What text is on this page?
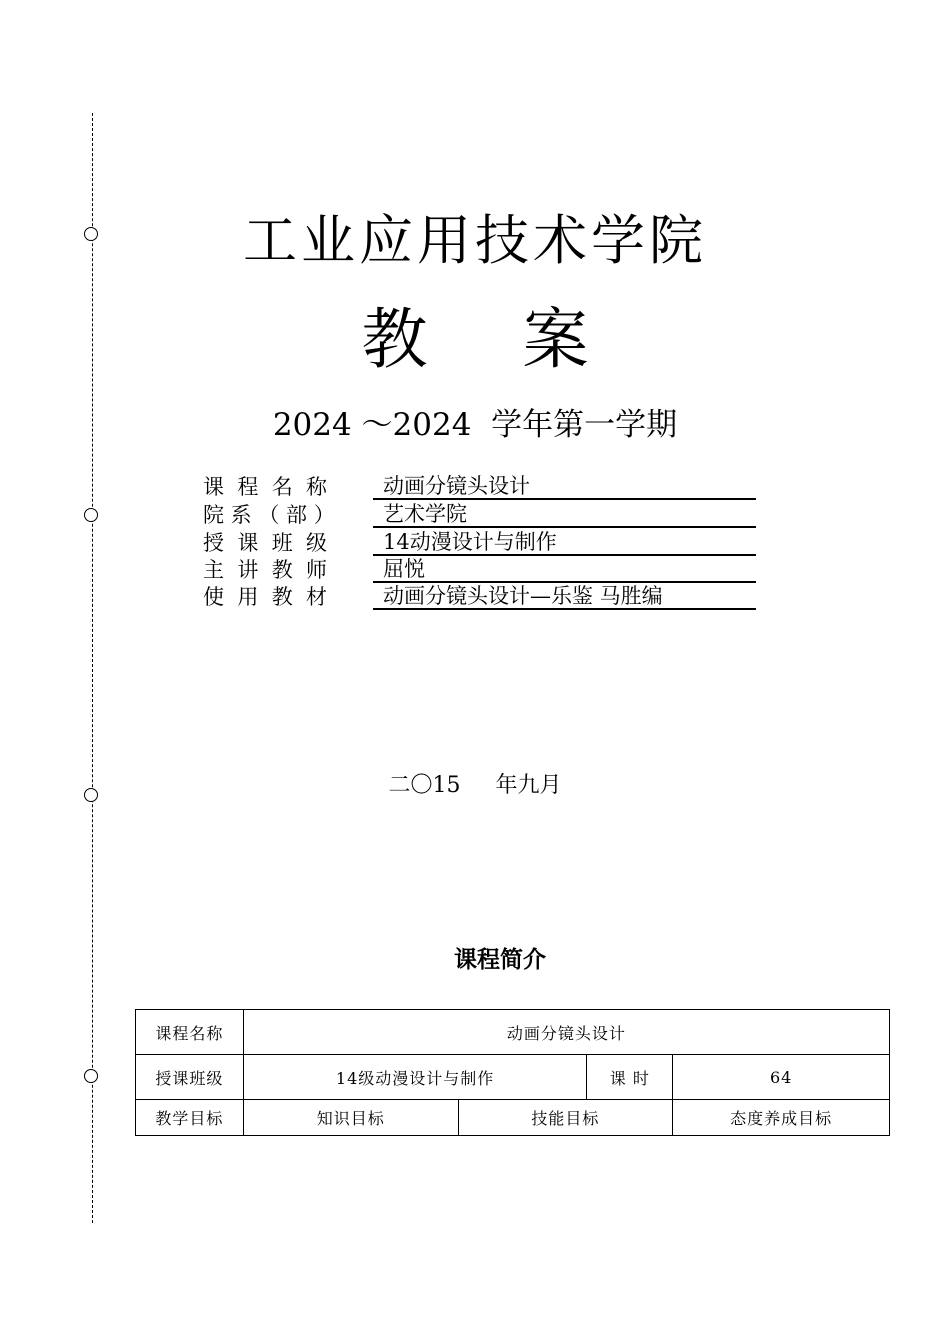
工业应用技术学院
教 案
2024 ～2024  学年第一学期
课  程  名  称	动画分镜头设计
院 系 （ 部 ）	艺术学院
授  课  班  级	14动漫设计与制作
主  讲  教  师	屈悦
使  用  教  材	动画分镜头设计—乐鉴 马胜编
二〇15     年九月
课程简介
课程名称	动画分镜头设计			
授课班级	14级动漫设计与制作		课 时	64
教学目标	知识目标	技能目标		态度养成目标
